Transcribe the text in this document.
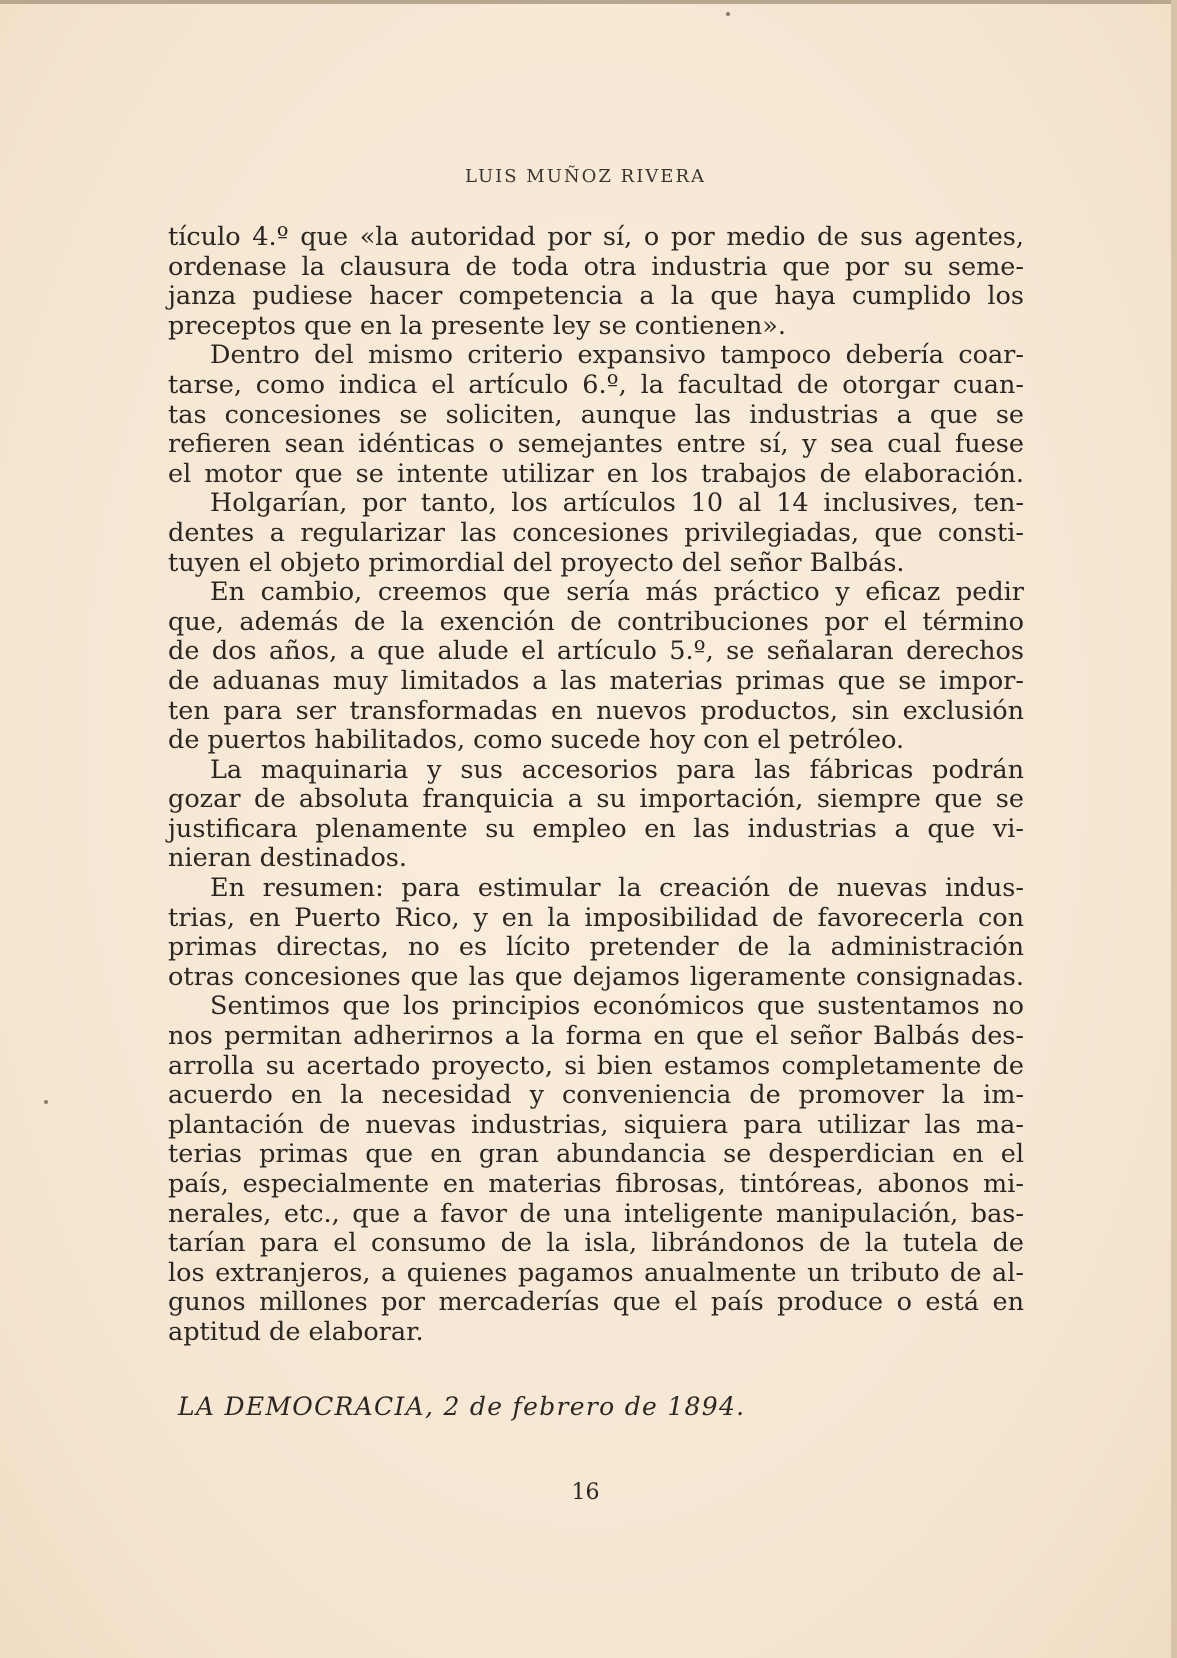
LUIS MUÑOZ RIVERA
tículo 4.º que «la autoridad por sí, o por medio de sus agentes,
ordenase la clausura de toda otra industria que por su seme-
janza pudiese hacer competencia a la que haya cumplido los
preceptos que en la presente ley se contienen».
Dentro del mismo criterio expansivo tampoco debería coar-
tarse, como indica el artículo 6.º, la facultad de otorgar cuan-
tas concesiones se soliciten, aunque las industrias a que se
refieren sean idénticas o semejantes entre sí, y sea cual fuese
el motor que se intente utilizar en los trabajos de elaboración.
Holgarían, por tanto, los artículos 10 al 14 inclusives, ten-
dentes a regularizar las concesiones privilegiadas, que consti-
tuyen el objeto primordial del proyecto del señor Balbás.
En cambio, creemos que sería más práctico y eficaz pedir
que, además de la exención de contribuciones por el término
de dos años, a que alude el artículo 5.º, se señalaran derechos
de aduanas muy limitados a las materias primas que se impor-
ten para ser transformadas en nuevos productos, sin exclusión
de puertos habilitados, como sucede hoy con el petróleo.
La maquinaria y sus accesorios para las fábricas podrán
gozar de absoluta franquicia a su importación, siempre que se
justificara plenamente su empleo en las industrias a que vi-
nieran destinados.
En resumen: para estimular la creación de nuevas indus-
trias, en Puerto Rico, y en la imposibilidad de favorecerla con
primas directas, no es lícito pretender de la administración
otras concesiones que las que dejamos ligeramente consignadas.
Sentimos que los principios económicos que sustentamos no
nos permitan adherirnos a la forma en que el señor Balbás des-
arrolla su acertado proyecto, si bien estamos completamente de
acuerdo en la necesidad y conveniencia de promover la im-
plantación de nuevas industrias, siquiera para utilizar las ma-
terias primas que en gran abundancia se desperdician en el
país, especialmente en materias fibrosas, tintóreas, abonos mi-
nerales, etc., que a favor de una inteligente manipulación, bas-
tarían para el consumo de la isla, librándonos de la tutela de
los extranjeros, a quienes pagamos anualmente un tributo de al-
gunos millones por mercaderías que el país produce o está en
aptitud de elaborar.
LA DEMOCRACIA, 2 de febrero de 1894.
16
